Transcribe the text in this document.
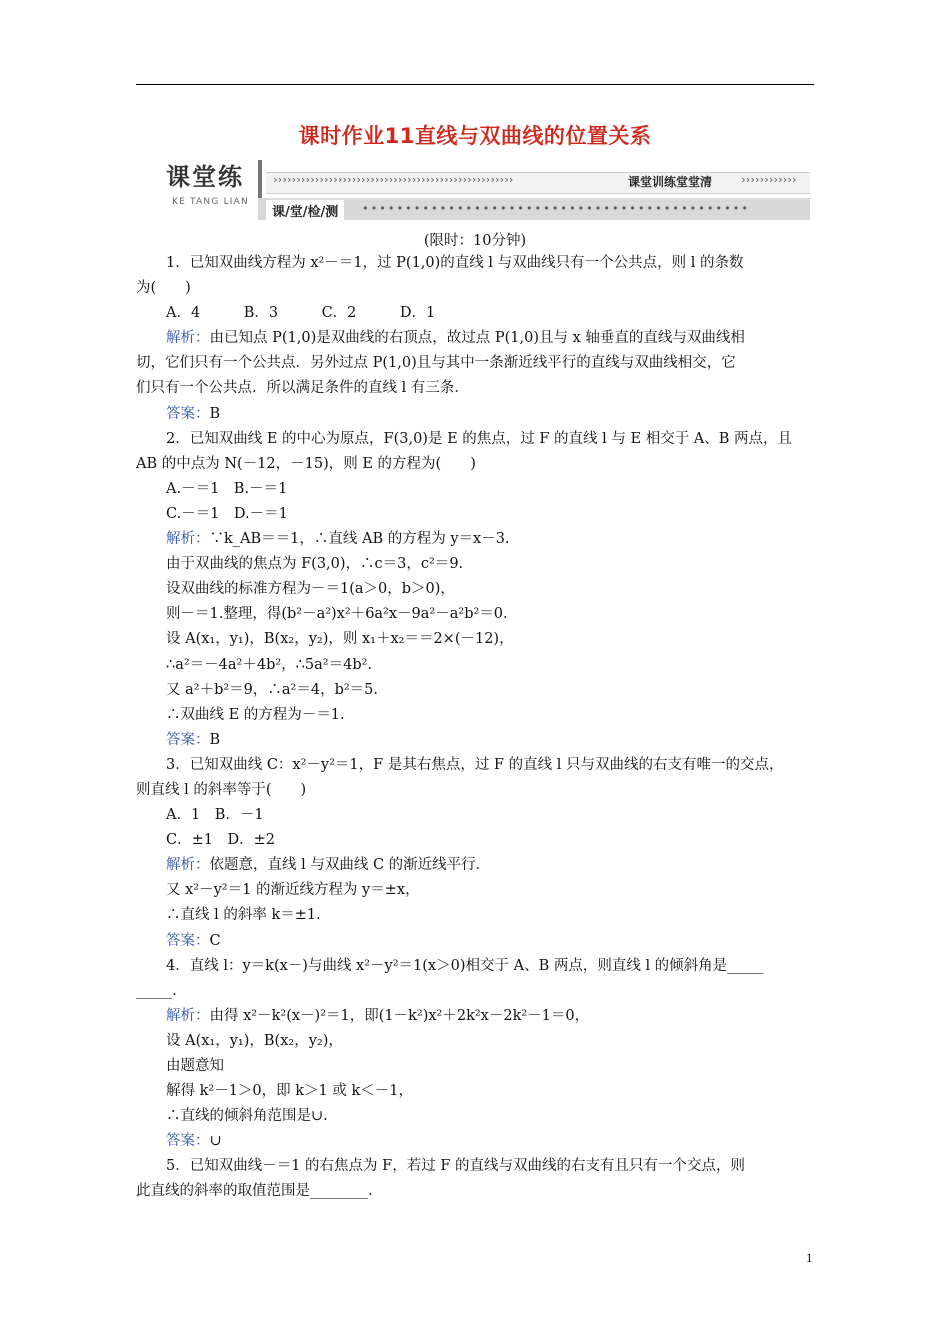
课时作业11直线与双曲线的位置关系
课堂练
KE TANG LIAN
››››››››››››››››››››››››››››››››››››››››››››››››››››	课堂训练堂堂清	››››››››››››
课/堂/检/测	•••••••••••••••••••••••••••••••••••••••••••••
(限时：10分钟)
1．已知双曲线方程为 x²－＝1，过 P(1,0)的直线 l 与双曲线只有一个公共点，则 l 的条数
为(　　)
A．4　　　B．3　　　C．2　　　D．1
解析：由已知点 P(1,0)是双曲线的右顶点，故过点 P(1,0)且与 x 轴垂直的直线与双曲线相
切，它们只有一个公共点．另外过点 P(1,0)且与其中一条渐近线平行的直线与双曲线相交，它
们只有一个公共点．所以满足条件的直线 l 有三条．
答案：B
2．已知双曲线 E 的中心为原点，F(3,0)是 E 的焦点，过 F 的直线 l 与 E 相交于 A、B 两点，且
AB 的中点为 N(－12，－15)，则 E 的方程为(　　)
A.－＝1　B.－＝1
C.－＝1　D.－＝1
解析：∵k_AB＝＝1，∴直线 AB 的方程为 y＝x－3.
由于双曲线的焦点为 F(3,0)，∴c＝3，c²＝9.
设双曲线的标准方程为－＝1(a＞0，b＞0)，
则－＝1.整理，得(b²－a²)x²＋6a²x－9a²－a²b²＝0.
设 A(x₁，y₁)，B(x₂，y₂)，则 x₁＋x₂＝＝2×(－12)，
∴a²＝－4a²＋4b²，∴5a²＝4b².
又 a²＋b²＝9，∴a²＝4，b²＝5.
∴双曲线 E 的方程为－＝1.
答案：B
3．已知双曲线 C：x²－y²＝1，F 是其右焦点，过 F 的直线 l 只与双曲线的右支有唯一的交点，
则直线 l 的斜率等于(　　)
A．1　B．－1
C．±1　D．±2
解析：依题意，直线 l 与双曲线 C 的渐近线平行．
又 x²－y²＝1 的渐近线方程为 y＝±x，
∴直线 l 的斜率 k＝±1.
答案：C
4．直线 l：y＝k(x－)与曲线 x²－y²＝1(x＞0)相交于 A、B 两点，则直线 l 的倾斜角是_____
_____．
解析：由得 x²－k²(x－)²＝1，即(1－k²)x²＋2k²x－2k²－1＝0，
设 A(x₁，y₁)，B(x₂，y₂)，
由题意知
解得 k²－1＞0，即 k＞1 或 k＜－1，
∴直线的倾斜角范围是∪.
答案：∪
5．已知双曲线－＝1 的右焦点为 F，若过 F 的直线与双曲线的右支有且只有一个交点，则
此直线的斜率的取值范围是________．
1
